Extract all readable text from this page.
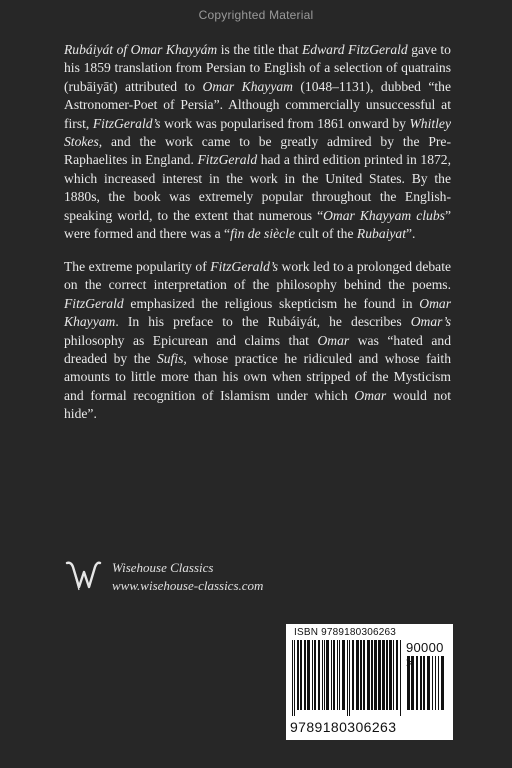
Copyrighted Material
Rubáiyát of Omar Khayyám is the title that Edward FitzGerald gave to his 1859 translation from Persian to English of a selection of quatrains (rubāiyāt) attributed to Omar Khayyam (1048–1131), dubbed “the Astronomer-Poet of Persia”. Although commercially unsuccessful at first, FitzGerald’s work was popularised from 1861 onward by Whitley Stokes, and the work came to be greatly admired by the Pre-Raphaelites in England. FitzGerald had a third edition printed in 1872, which increased interest in the work in the United States. By the 1880s, the book was extremely popular throughout the English-speaking world, to the extent that numerous “Omar Khayyam clubs” were formed and there was a “fin de siècle cult of the Rubaiyat”.
The extreme popularity of FitzGerald’s work led to a prolonged debate on the correct interpretation of the philosophy behind the poems. FitzGerald emphasized the religious skepticism he found in Omar Khayyam. In his preface to the Rubáiyát, he describes Omar’s philosophy as Epicurean and claims that Omar was “hated and dreaded by the Sufis, whose practice he ridiculed and whose faith amounts to little more than his own when stripped of the Mysticism and formal recognition of Islamism under which Omar would not hide”.
Wisehouse Classics
www.wisehouse-classics.com
ISBN 9789180306263
90000
9789180306263
